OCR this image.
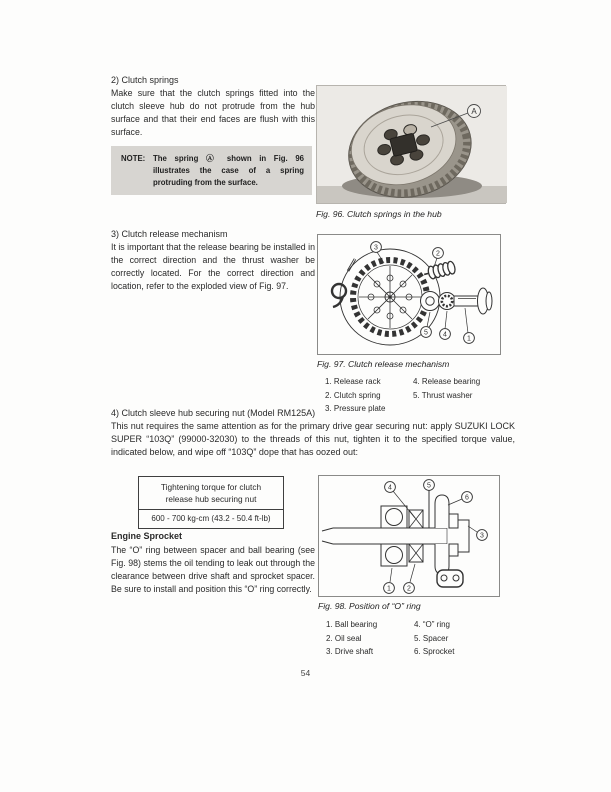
2) Clutch springs
Make sure that the clutch springs fitted into the clutch sleeve hub do not protrude from the hub surface and that their end faces are flush with this surface.
NOTE: The spring Ⓐ shown in Fig. 96 illustrates the case of a spring protruding from the surface.
A
Fig. 96. Clutch springs in the hub
3) Clutch release mechanism
It is important that the release bearing be installed in the correct direction and the thrust washer be correctly located. For the correct direction and location, refer to the exploded view of Fig. 97.
3
2
5 4
1
Fig. 97. Clutch release mechanism
1. Release rack
2. Clutch spring
3. Pressure plate
4. Release bearing
5. Thrust washer
4) Clutch sleeve hub securing nut (Model RM125A)
This nut requires the same attention as for the primary drive gear securing nut: apply SUZUKI LOCK SUPER “103Q” (99000-32030) to the threads of this nut, tighten it to the specified torque value, indicated below, and wipe off “103Q” dope that has oozed out:
Tightening torque for clutch
release hub securing nut
600 - 700 kg-cm (43.2 - 50.4 ft-lb)
Engine Sprocket
The “O” ring between spacer and ball bearing (see Fig. 98) stems the oil tending to leak out through the clearance between drive shaft and sprocket spacer. Be sure to install and position this “O” ring correctly.
4	5
6
3
1 2
Fig. 98. Position of “O” ring
1. Ball bearing
2. Oil seal
3. Drive shaft
4. “O” ring
5. Spacer
6. Sprocket
54
